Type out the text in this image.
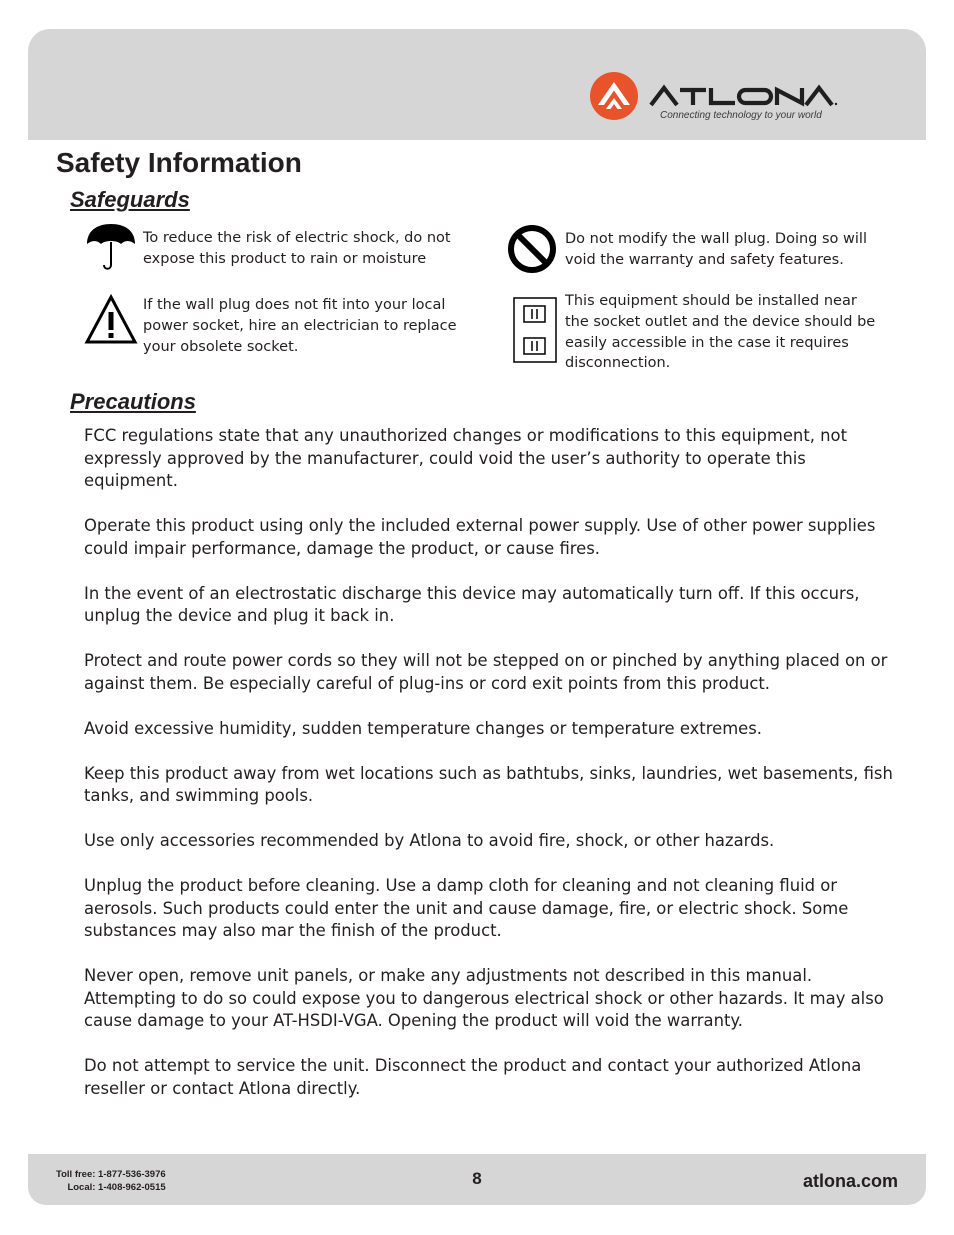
Connecting technology to your world
Safety Information
Safeguards
To reduce the risk of electric shock, do not expose this product to rain or moisture
If the wall plug does not fit into your local power socket, hire an electrician to replace your obsolete socket.
Do not modify the wall plug. Doing so will void the warranty and safety features.
This equipment should be installed near the socket outlet and the device should be easily accessible in the case it requires disconnection.
Precautions

FCC regulations state that any unauthorized changes or modifications to this equipment, not expressly approved by the manufacturer, could void the user’s authority to operate this equipment.

Operate this product using only the included external power supply. Use of other power supplies could impair performance, damage the product, or cause fires.

In the event of an electrostatic discharge this device may automatically turn off. If this occurs, unplug the device and plug it back in.

Protect and route power cords so they will not be stepped on or pinched by anything placed on or against them. Be especially careful of plug-ins or cord exit points from this product.

Avoid excessive humidity, sudden temperature changes or temperature extremes.

Keep this product away from wet locations such as bathtubs, sinks, laundries, wet basements, fish tanks, and swimming pools.

Use only accessories recommended by Atlona to avoid fire, shock, or other hazards.

Unplug the product before cleaning. Use a damp cloth for cleaning and not cleaning fluid or aerosols. Such products could enter the unit and cause damage, fire, or electric shock. Some substances may also mar the finish of the product.

Never open, remove unit panels, or make any adjustments not described in this manual. Attempting to do so could expose you to dangerous electrical shock or other hazards. It may also cause damage to your AT-HSDI-VGA. Opening the product will void the warranty.

Do not attempt to service the unit. Disconnect the product and contact your authorized Atlona reseller or contact Atlona directly.

Toll free: 1-877-536-3976
Local: 1-408-962-0515	8	atlona.com
